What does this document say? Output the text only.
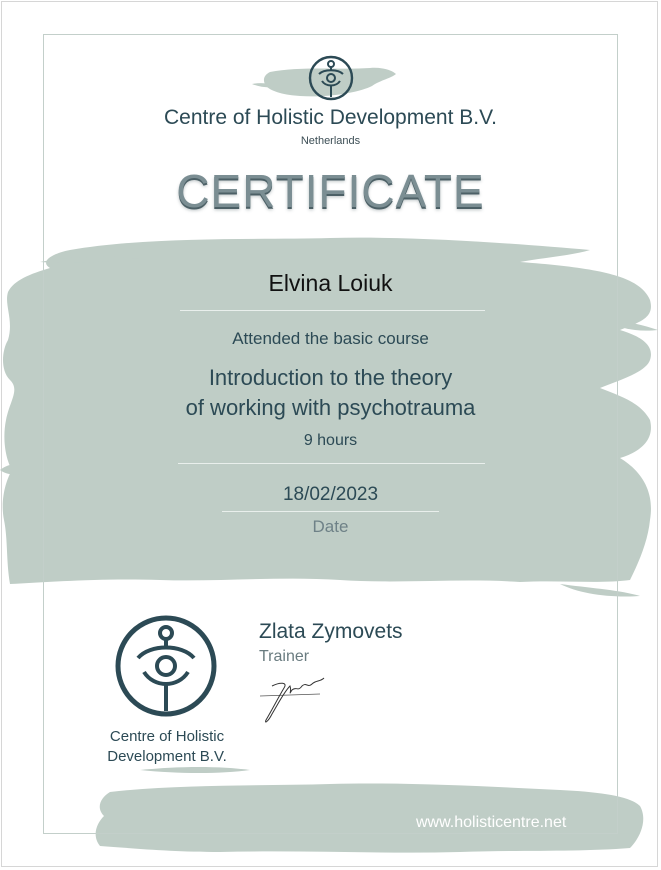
Centre of Holistic Development B.V.
Netherlands
CERTIFICATE
Elvina Loiuk
Attended the basic course
Introduction to the theory
of working with psychotrauma
9 hours
18/02/2023
Date
Centre of Holistic
Development B.V.
Zlata Zymovets
Trainer
www.holisticentre.net
